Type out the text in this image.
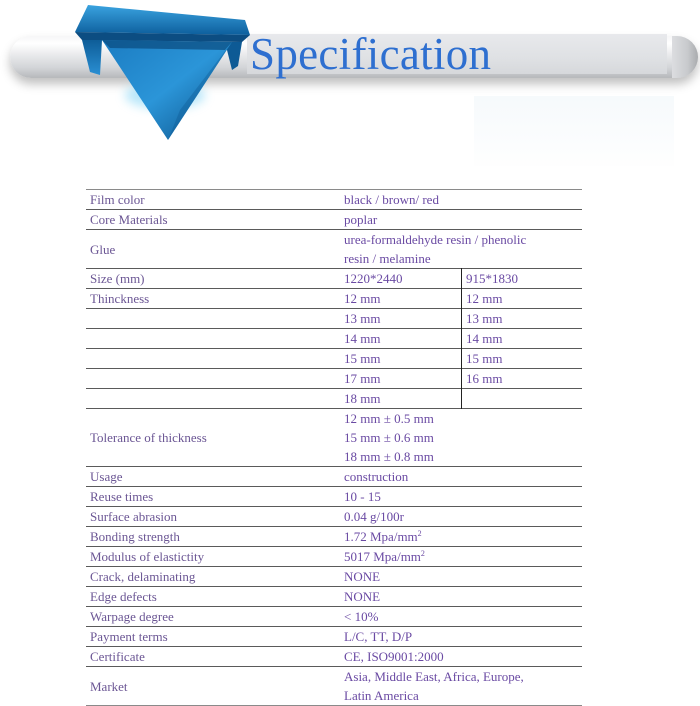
Specification
Film color	black / brown/ red	
Core Materials	poplar	
Glue	urea-formaldehyde resin / phenolic
resin / melamine	

Size (mm)	1220*2440	915*1830
Thinckness	12 mm	12 mm
	13 mm	13 mm
	14 mm	14 mm
	15 mm	15 mm
	17 mm	16 mm
	18 mm	
Tolerance of thickness	12 mm ± 0.5 mm
15 mm ± 0.6 mm
18 mm ± 0.8 mm	

Usage	construction	
Reuse times	10 - 15	
Surface abrasion	0.04 g/100r	
Bonding strength	1.72 Mpa/$mm^2$
Modulus of elastictity	5017 Mpa/$mm^2$
Crack, delaminating	NONE	
Edge defects	NONE	
Warpage degree	< 10%	
Payment terms	L/C, TT, D/P	
Certificate	CE, ISO9001:2000	
Market	Asia, Middle East, Africa, Europe,
Latin America	
